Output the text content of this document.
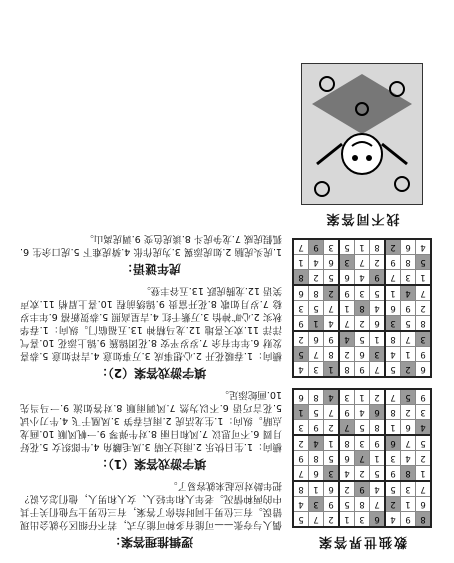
数独世界答案
8	9	4	6	3	1	2	7	5
6	1	2	7	8	5	9	3	4
7	3	5	4	9	2	6	1	8
1	8	9	5	2	4	3	6	7
2	4	3	1	7	6	5	8	9
5	7	6	9	3	8	1	4	2
4	6	1	8	5	7	2	9	3
3	2	8	6	4	9	7	5	1
9	5	7	2	1	3	4	8	6
6	2	5	7	9	8	1	3	4
9	1	4	3	6	2	8	7	5
3	7	8	1	5	4	9	6	2
8	5	3	6	2	7	4	1	9
2	9	6	4	8	1	7	5	3
7	4	1	5	3	9	2	8	6
1	3	7	9	4	6	5	2	8
5	8	9	2	7	3	6	4	1
4	6	2	8	1	5	3	9	7
找不同答案
逻辑推理答案：
偶人与夸张——可能有多种可能方式，若不仔细区分就会出现错误。有三位男士同时给你了答案，有三位男士写他们关于其中的两种情况。老年人和年轻人、女人和男人，他们怎么说？把年龄对应起来就容易了。
填字游戏答案（1）：
横向：1.生日快乐 2.雨过天晴 3.凤毛麟角 4.牛郎织女 5.花好月圆 6.不可思议 7.风和日丽 8.对牛弹琴 9.一帆风顺 10.画龙点睛。纵向：1.生龙活虎 2.雨后春笋 3.凤凰于飞 4.牛刀小试 5.花言巧语 6.不以为然 7.风调雨顺 8.对答如流 9.一马当先 10.画蛇添足。
填字游戏答案（2）：
横向：1.春暖花开 2.心想事成 3.万事如意 4.吉祥如意 5.恭喜发财 6.年年有余 7.岁岁平安 8.花团锦簇 9.锦上添花 10.喜气洋洋 11.欢天喜地 12.龙马精神 13.五福临门。纵向：1.春华秋实 2.心旷神怡 3.万紫千红 4.吉星高照 5.恭贺新禧 6.年丰岁稔 7.岁月如歌 8.花开富贵 9.锦绣前程 10.喜上眉梢 11.欢声笑语 12.龙腾虎跃 13.五谷丰登。
虎年谜语：
1.虎头虎脑 2.如虎添翼 3.为虎作伥 4.骑虎难下 5.虎口余生 6.狐假虎威 7.龙争虎斗 8.谈虎色变 9.调虎离山。
